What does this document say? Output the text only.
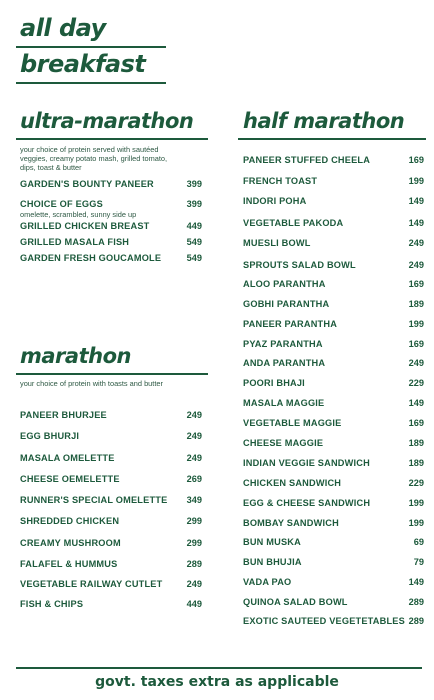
all day
breakfast
ultra-marathon
your choice of protein served with sautéed veggies, creamy potato mash, grilled tomato, dips, toast & butter
GARDEN'S BOUNTY PANEER	399
CHOICE OF EGGS	399
omelette, scrambled, sunny side up
GRILLED CHICKEN BREAST	449
GRILLED MASALA FISH	549
GARDEN FRESH GOUCAMOLE	549
marathon
your choice of protein with toasts and butter
PANEER BHURJEE	249
EGG BHURJI	249
MASALA OMELETTE	249
CHEESE OEMELETTE	269
RUNNER'S SPECIAL OMELETTE 349
SHREDDED CHICKEN	299
CREAMY MUSHROOM	299
FALAFEL & HUMMUS	289
VEGETABLE RAILWAY CUTLET	249
FISH & CHIPS	449
half marathon
PANEER STUFFED CHEELA	169
FRENCH TOAST	199
INDORI POHA	149
VEGETABLE PAKODA	149
MUESLI BOWL	249
SPROUTS SALAD BOWL	249
ALOO PARANTHA	169
GOBHI PARANTHA	189
PANEER PARANTHA	199
PYAZ PARANTHA	169
ANDA PARANTHA	249
POORI BHAJI	229
MASALA MAGGIE	149
VEGETABLE MAGGIE	169
CHEESE MAGGIE	189
INDIAN VEGGIE SANDWICH	189
CHICKEN SANDWICH	229
EGG & CHEESE SANDWICH	199
BOMBAY SANDWICH	199
BUN MUSKA	69
BUN BHUJIA	79
VADA PAO	149
QUINOA SALAD BOWL	289
EXOTIC SAUTEED VEGETETABLES 289
govt. taxes extra as applicable
